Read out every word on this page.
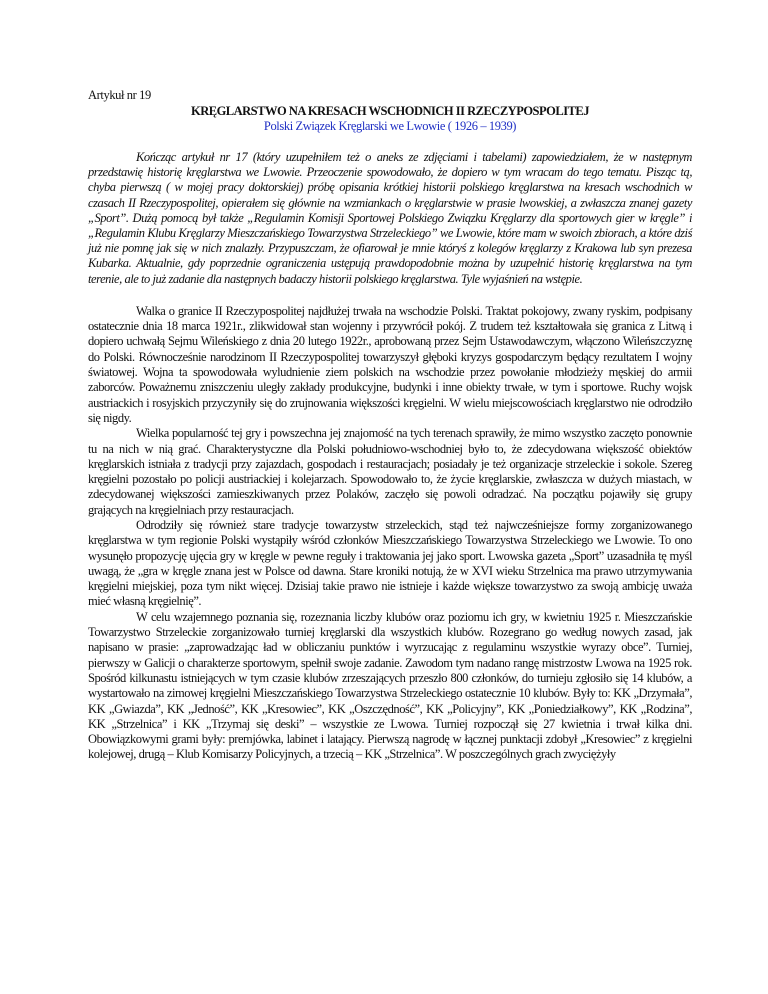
Artykuł nr 19
KRĘGLARSTWO NA KRESACH WSCHODNICH II RZECZYPOSPOLITEJ
Polski Związek Kręglarski we Lwowie ( 1926 – 1939)

Kończąc artykuł nr 17 (który uzupełniłem też o aneks ze zdjęciami i tabelami) zapowiedziałem, że w następnym przedstawię historię kręglarstwa we Lwowie. Przeoczenie spowodowało, że dopiero w tym wracam do tego tematu. Pisząc tą, chyba pierwszą ( w mojej pracy doktorskiej) próbę opisania krótkiej historii polskiego kręglarstwa na kresach wschodnich w czasach II Rzeczypospolitej, opierałem się głównie na wzmiankach o kręglarstwie w prasie lwowskiej, a zwłaszcza znanej gazety „Sport”. Dużą pomocą był także „Regulamin Komisji Sportowej Polskiego Związku Kręglarzy dla sportowych gier w kręgle” i „Regulamin Klubu Kręglarzy Mieszczańskiego Towarzystwa Strzeleckiego” we Lwowie, które mam w swoich zbiorach, a które dziś już nie pomnę jak się w nich znalazły. Przypuszczam, że ofiarował je mnie któryś z kolegów kręglarzy z Krakowa lub syn prezesa Kubarka. Aktualnie, gdy poprzednie ograniczenia ustępują prawdopodobnie można by uzupełnić historię kręglarstwa na tym terenie, ale to już zadanie dla następnych badaczy historii polskiego kręglarstwa. Tyle wyjaśnień na wstępie.

Walka o granice II Rzeczypospolitej najdłużej trwała na wschodzie Polski. Traktat pokojowy, zwany ryskim, podpisany ostatecznie dnia 18 marca 1921r., zlikwidował stan wojenny i przywrócił pokój. Z trudem też kształtowała się granica z Litwą i dopiero uchwałą Sejmu Wileńskiego z dnia 20 lutego 1922r., aprobowaną przez Sejm Ustawodawczym, włączono Wileńszczyznę do Polski. Równocześnie narodzinom II Rzeczypospolitej towarzyszył głęboki kryzys gospodarczym będący rezultatem I wojny światowej. Wojna ta spowodowała wyludnienie ziem polskich na wschodzie przez powołanie młodzieży męskiej do armii zaborców. Poważnemu zniszczeniu uległy zakłady produkcyjne, budynki i inne obiekty trwałe, w tym i sportowe. Ruchy wojsk austriackich i rosyjskich przyczyniły się do zrujnowania większości kręgielni. W wielu miejscowościach kręglarstwo nie odrodziło się nigdy.

Wielka popularność tej gry i powszechna jej znajomość na tych terenach sprawiły, że mimo wszystko zaczęto ponownie tu na nich w nią grać. Charakterystyczne dla Polski południowo-wschodniej było to, że zdecydowana większość obiektów kręglarskich istniała z tradycji przy zajazdach, gospodach i restauracjach; posiadały je też organizacje strzeleckie i sokole. Szereg kręgielni pozostało po policji austriackiej i kolejarzach. Spowodowało to, że życie kręglarskie, zwłaszcza w dużych miastach, w zdecydowanej większości zamieszkiwanych przez Polaków, zaczęło się powoli odradzać. Na początku pojawiły się grupy grających na kręgielniach przy restauracjach.

Odrodziły się również stare tradycje towarzystw strzeleckich, stąd też najwcześniejsze formy zorganizowanego kręglarstwa w tym regionie Polski wystąpiły wśród członków Mieszczańskiego Towarzystwa Strzeleckiego we Lwowie. To ono wysunęło propozycję ujęcia gry w kręgle w pewne reguły i traktowania jej jako sport. Lwowska gazeta „Sport” uzasadniła tę myśl uwagą, że „gra w kręgle znana jest w Polsce od dawna. Stare kroniki notują, że w XVI wieku Strzelnica ma prawo utrzymywania kręgielni miejskiej, poza tym nikt więcej. Dzisiaj takie prawo nie istnieje i każde większe towarzystwo za swoją ambicję uważa mieć własną kręgielnię”.

W celu wzajemnego poznania się, rozeznania liczby klubów oraz poziomu ich gry, w kwietniu 1925 r. Mieszczańskie Towarzystwo Strzeleckie zorganizowało turniej kręglarski dla wszystkich klubów. Rozegrano go według nowych zasad, jak napisano w prasie: „zaprowadzając ład w obliczaniu punktów i wyrzucając z regulaminu wszystkie wyrazy obce”. Turniej, pierwszy w Galicji o charakterze sportowym, spełnił swoje zadanie. Zawodom tym nadano rangę mistrzostw Lwowa na 1925 rok. Spośród kilkunastu istniejących w tym czasie klubów zrzeszających przeszło 800 członków, do turnieju zgłosiło się 14 klubów, a wystartowało na zimowej kręgielni Mieszczańskiego Towarzystwa Strzeleckiego ostatecznie 10 klubów. Były to: KK „Drzymała”, KK „Gwiazda”, KK „Jedność”, KK „Kresowiec”, KK „Oszczędność”, KK „Policyjny”, KK „Poniedziałkowy”, KK „Rodzina”, KK „Strzelnica” i KK „Trzymaj się deski” – wszystkie ze Lwowa. Turniej rozpoczął się 27 kwietnia i trwał kilka dni. Obowiązkowymi grami były: premjówka, labinet i latający. Pierwszą nagrodę w łącznej punktacji zdobył „Kresowiec” z kręgielni kolejowej, drugą – Klub Komisarzy Policyjnych, a trzecią – KK „Strzelnica”. W poszczególnych grach zwyciężyły
